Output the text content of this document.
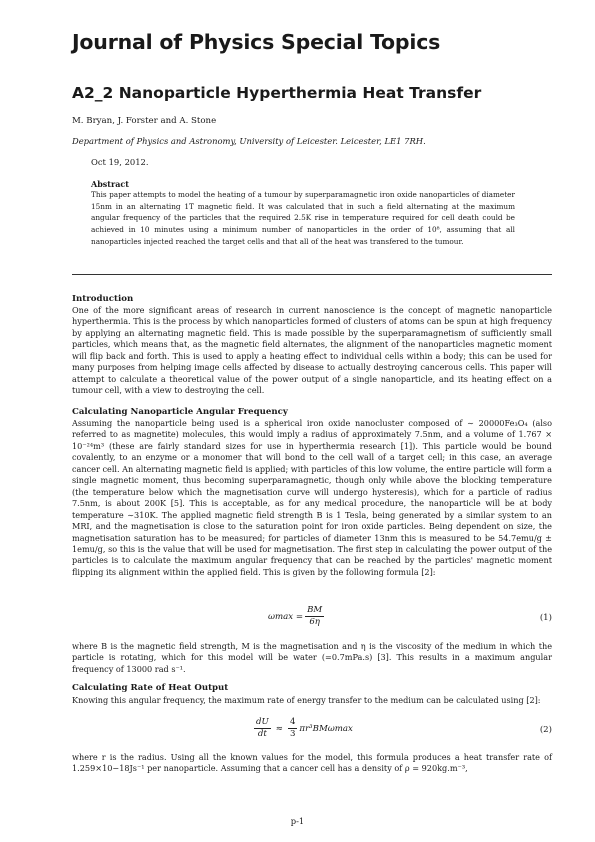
Journal of Physics Special Topics
A2_2 Nanoparticle Hyperthermia Heat Transfer
M. Bryan, J. Forster and A. Stone
Department of Physics and Astronomy, University of Leicester. Leicester, LE1 7RH.
Oct 19, 2012.
Abstract
This paper attempts to model the heating of a tumour by superparamagnetic iron oxide nanoparticles of diameter 15nm in an alternating 1T magnetic field. It was calculated that in such a field alternating at the maximum angular frequency of the particles that the required 2.5K rise in temperature required for cell death could be achieved in 10 minutes using a minimum number of nanoparticles in the order of 10⁸, assuming that all nanoparticles injected reached the target cells and that all of the heat was transfered to the tumour.
Introduction
One of the more significant areas of research in current nanoscience is the concept of magnetic nanoparticle hyperthermia. This is the process by which nanoparticles formed of clusters of atoms can be spun at high frequency by applying an alternating magnetic field. This is made possible by the superparamagnetism of sufficiently small particles, which means that, as the magnetic field alternates, the alignment of the nanoparticles magnetic moment will flip back and forth. This is used to apply a heating effect to individual cells within a body; this can be used for many purposes from helping image cells affected by disease to actually destroying cancerous cells. This paper will attempt to calculate a theoretical value of the power output of a single nanoparticle, and its heating effect on a tumour cell, with a view to destroying the cell.
Calculating Nanoparticle Angular Frequency
Assuming the nanoparticle being used is a spherical iron oxide nanocluster composed of ∼ 20000Fe₃O₄ (also referred to as magnetite) molecules, this would imply a radius of approximately 7.5nm, and a volume of 1.767 × 10⁻²⁴m³ (these are fairly standard sizes for use in hyperthermia research [1]). This particle would be bound covalently, to an enzyme or a monomer that will bond to the cell wall of a target cell; in this case, an average cancer cell. An alternating magnetic field is applied; with particles of this low volume, the entire particle will form a single magnetic moment, thus becoming superparamagnetic, though only while above the blocking temperature (the temperature below which the magnetisation curve will undergo hysteresis), which for a particle of radius 7.5nm, is about 200K [5]. This is acceptable, as for any medical procedure, the nanoparticle will be at body temperature ∼310K. The applied magnetic field strength B is 1 Tesla, being generated by a similar system to an MRI, and the magnetisation is close to the saturation point for iron oxide particles. Being dependent on size, the magnetisation saturation has to be measured; for particles of diameter 13nm this is measured to be 54.7emu/g ± 1emu/g, so this is the value that will be used for magnetisation. The first step in calculating the power output of the particles is to calculate the maximum angular frequency that can be reached by the particles' magnetic moment flipping its alignment within the applied field. This is given by the following formula [2]:
$\omega\max = \frac{BM}{6\eta}$	(1)
where B is the magnetic field strength, M is the magnetisation and η is the viscosity of the medium in which the particle is rotating, which for this model will be water (=0.7mPa.s) [3]. This results in a maximum angular frequency of 13000 rad s⁻¹.
Calculating Rate of Heat Output
Knowing this angular frequency, the maximum rate of energy transfer to the medium can be calculated using [2]:
$\frac{dU}{dt} \approx \frac{4}{3} \pi r^3BM\omega\max$	(2)
where r is the radius. Using all the known values for the model, this formula produces a heat transfer rate of 1.259×10−18Js⁻¹ per nanoparticle. Assuming that a cancer cell has a density of ρ = 920kg.m⁻³,
p-1
